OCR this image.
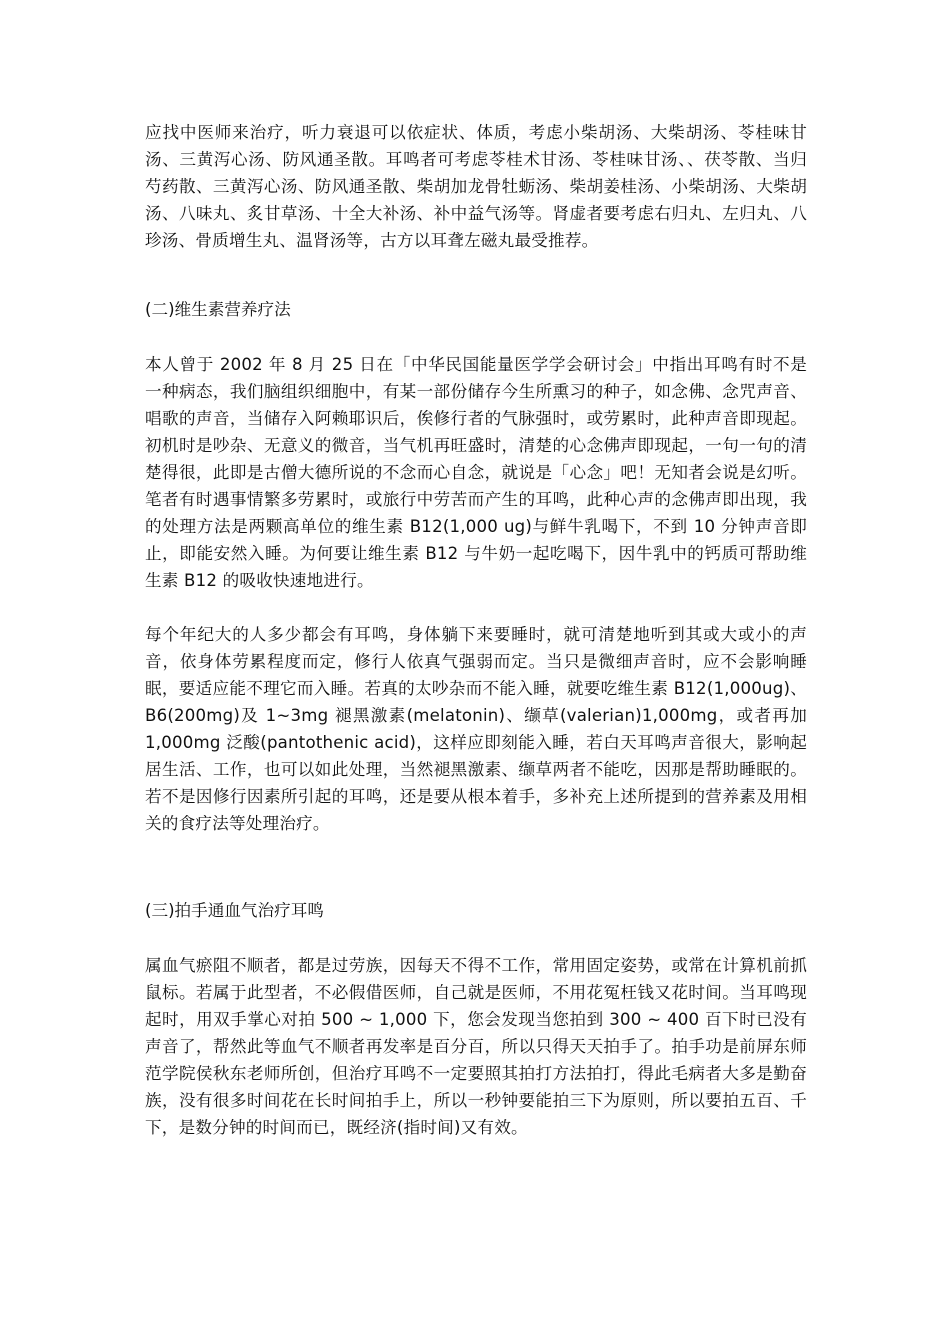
应找中医师来治疗，听力衰退可以依症状、体质，考虑小柴胡汤、大柴胡汤、苓桂味甘汤、三黄泻心汤、防风通圣散。耳鸣者可考虑苓桂术甘汤、苓桂味甘汤、、茯苓散、当归芍药散、三黄泻心汤、防风通圣散、柴胡加龙骨牡蛎汤、柴胡姜桂汤、小柴胡汤、大柴胡汤、八味丸、炙甘草汤、十全大补汤、补中益气汤等。肾虚者要考虑右归丸、左归丸、八珍汤、骨质增生丸、温肾汤等，古方以耳聋左磁丸最受推荐。
(二)维生素营养疗法
本人曾于 2002 年 8 月 25 日在「中华民国能量医学学会研讨会」中指出耳鸣有时不是一种病态，我们脑组织细胞中，有某一部份储存今生所熏习的种子，如念佛、念咒声音、唱歌的声音，当储存入阿赖耶识后，俟修行者的气脉强时，或劳累时，此种声音即现起。初机时是吵杂、无意义的微音，当气机再旺盛时，清楚的心念佛声即现起，一句一句的清楚得很，此即是古僧大德所说的不念而心自念，就说是「心念」吧！无知者会说是幻听。笔者有时遇事情繁多劳累时，或旅行中劳苦而产生的耳鸣，此种心声的念佛声即出现，我的处理方法是两颗高单位的维生素 B12(1,000 ug)与鲜牛乳喝下，不到 10 分钟声音即止，即能安然入睡。为何要让维生素 B12 与牛奶一起吃喝下，因牛乳中的钙质可帮助维生素 B12 的吸收快速地进行。
每个年纪大的人多少都会有耳鸣，身体躺下来要睡时，就可清楚地听到其或大或小的声音，依身体劳累程度而定，修行人依真气强弱而定。当只是微细声音时，应不会影响睡眠，要适应能不理它而入睡。若真的太吵杂而不能入睡，就要吃维生素 B12(1,000ug)、B6(200mg)及 1~3mg 褪黑激素(melatonin)、缬草(valerian)1,000mg，或者再加 1,000mg 泛酸(pantothenic acid)，这样应即刻能入睡，若白天耳鸣声音很大，影响起居生活、工作，也可以如此处理，当然褪黑激素、缬草两者不能吃，因那是帮助睡眠的。若不是因修行因素所引起的耳鸣，还是要从根本着手，多补充上述所提到的营养素及用相关的食疗法等处理治疗。
(三)拍手通血气治疗耳鸣
属血气瘀阻不顺者，都是过劳族，因每天不得不工作，常用固定姿势，或常在计算机前抓鼠标。若属于此型者，不必假借医师，自己就是医师，不用花冤枉钱又花时间。当耳鸣现起时，用双手掌心对拍 500 ~ 1,000 下，您会发现当您拍到 300 ~ 400 百下时已没有声音了，帮然此等血气不顺者再发率是百分百，所以只得天天拍手了。拍手功是前屏东师范学院侯秋东老师所创，但治疗耳鸣不一定要照其拍打方法拍打，得此毛病者大多是勤奋族，没有很多时间花在长时间拍手上，所以一秒钟要能拍三下为原则，所以要拍五百、千下，是数分钟的时间而已，既经济(指时间)又有效。
